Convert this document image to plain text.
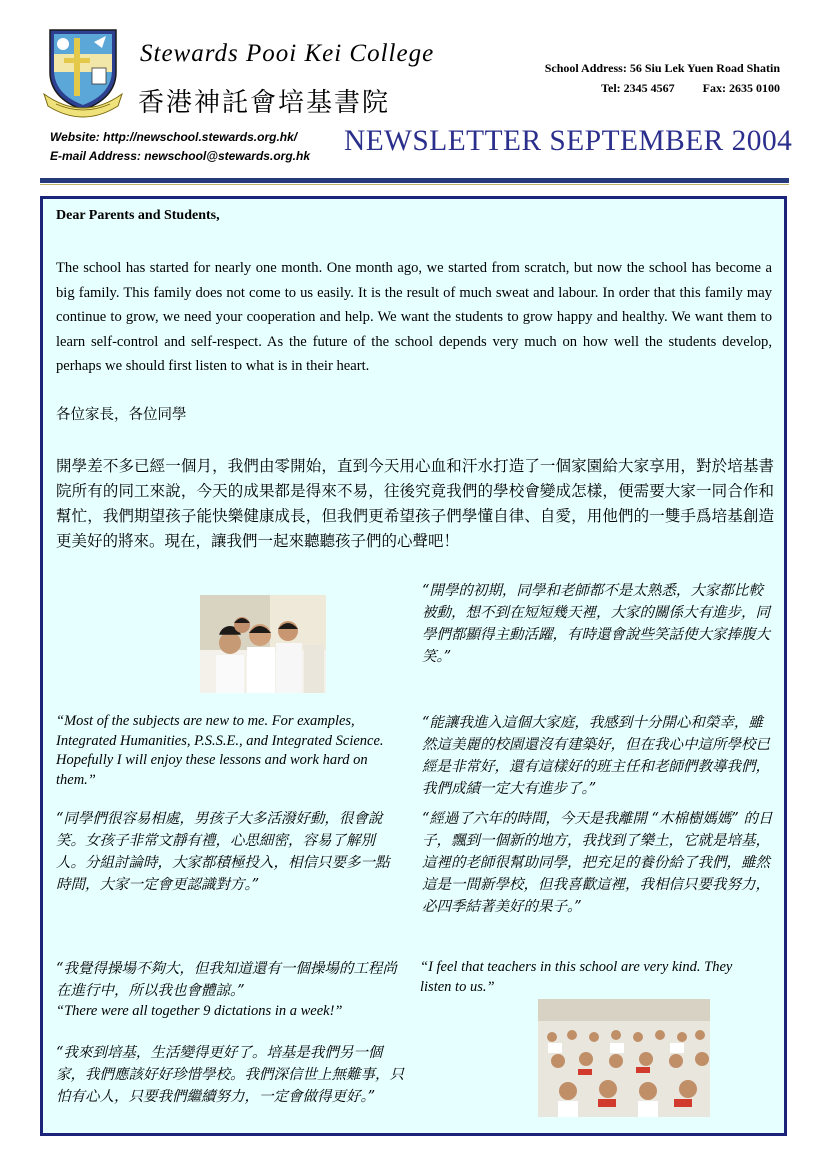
Stewards Pooi Kei College
香港神託會培基書院
School Address: 56 Siu Lek Yuen Road Shatin
Tel: 2345 4567 Fax: 2635 0100
Website: http://newschool.stewards.org.hk/
E-mail Address: newschool@stewards.org.hk NEWSLETTER SEPTEMBER 2004
Dear Parents and Students,
The school has started for nearly one month. One month ago, we started from scratch, but now the school has become a big family. This family does not come to us easily. It is the result of much sweat and labour. In order that this family may continue to grow, we need your cooperation and help. We want the students to grow happy and healthy. We want them to learn self-control and self-respect. As the future of the school depends very much on how well the students develop, perhaps we should first listen to what is in their heart.
各位家長，各位同學
開學差不多已經一個月，我們由零開始，直到今天用心血和汗水打造了一個家園給大家享用，對於培基書院所有的同工來說，今天的成果都是得來不易，往後究竟我們的學校會變成怎樣，便需要大家一同合作和幫忙，我們期望孩子能快樂健康成長，但我們更希望孩子們學懂自律、自愛，用他們的一雙手爲培基創造更美好的將來。現在，讓我們一起來聽聽孩子們的心聲吧！
“開學的初期，同學和老師都不是太熟悉，大家都比較被動，想不到在短短幾天裡，大家的關係大有進步，同學們都顯得主動活躍，有時還會說些笑話使大家捧腹大笑。”
“Most of the subjects are new to me. For examples, Integrated Humanities, P.S.S.E., and Integrated Science. Hopefully I will enjoy these lessons and work hard on them.”
“能讓我進入這個大家庭，我感到十分開心和榮幸，雖然這美麗的校園還沒有建築好，但在我心中這所學校已經是非常好，還有這樣好的班主任和老師們教導我們，我們成績一定大有進步了。”
“同學們很容易相處，男孩子大多活潑好動，很會說笑。女孩子非常文靜有禮，心思細密，容易了解別人。分組討論時，大家都積極投入，相信只要多一點時間，大家一定會更認識對方。”
“經過了六年的時間，今天是我離開 “木棉樹媽媽” 的日子，飄到一個新的地方，我找到了樂土，它就是培基，這裡的老師很幫助同學，把充足的養份給了我們，雖然這是一間新學校，但我喜歡這裡，我相信只要我努力，必四季結著美好的果子。”
“我覺得操場不夠大，但我知道還有一個操場的工程尚在進行中，所以我也會體諒。”
“There were all together 9 dictations in a week!”
“我來到培基，生活變得更好了。培基是我們另一個家，我們應該好好珍惜學校。我們深信世上無難事，只怕有心人，只要我們繼續努力，一定會做得更好。”
“I feel that teachers in this school are very kind. They listen to us.”
